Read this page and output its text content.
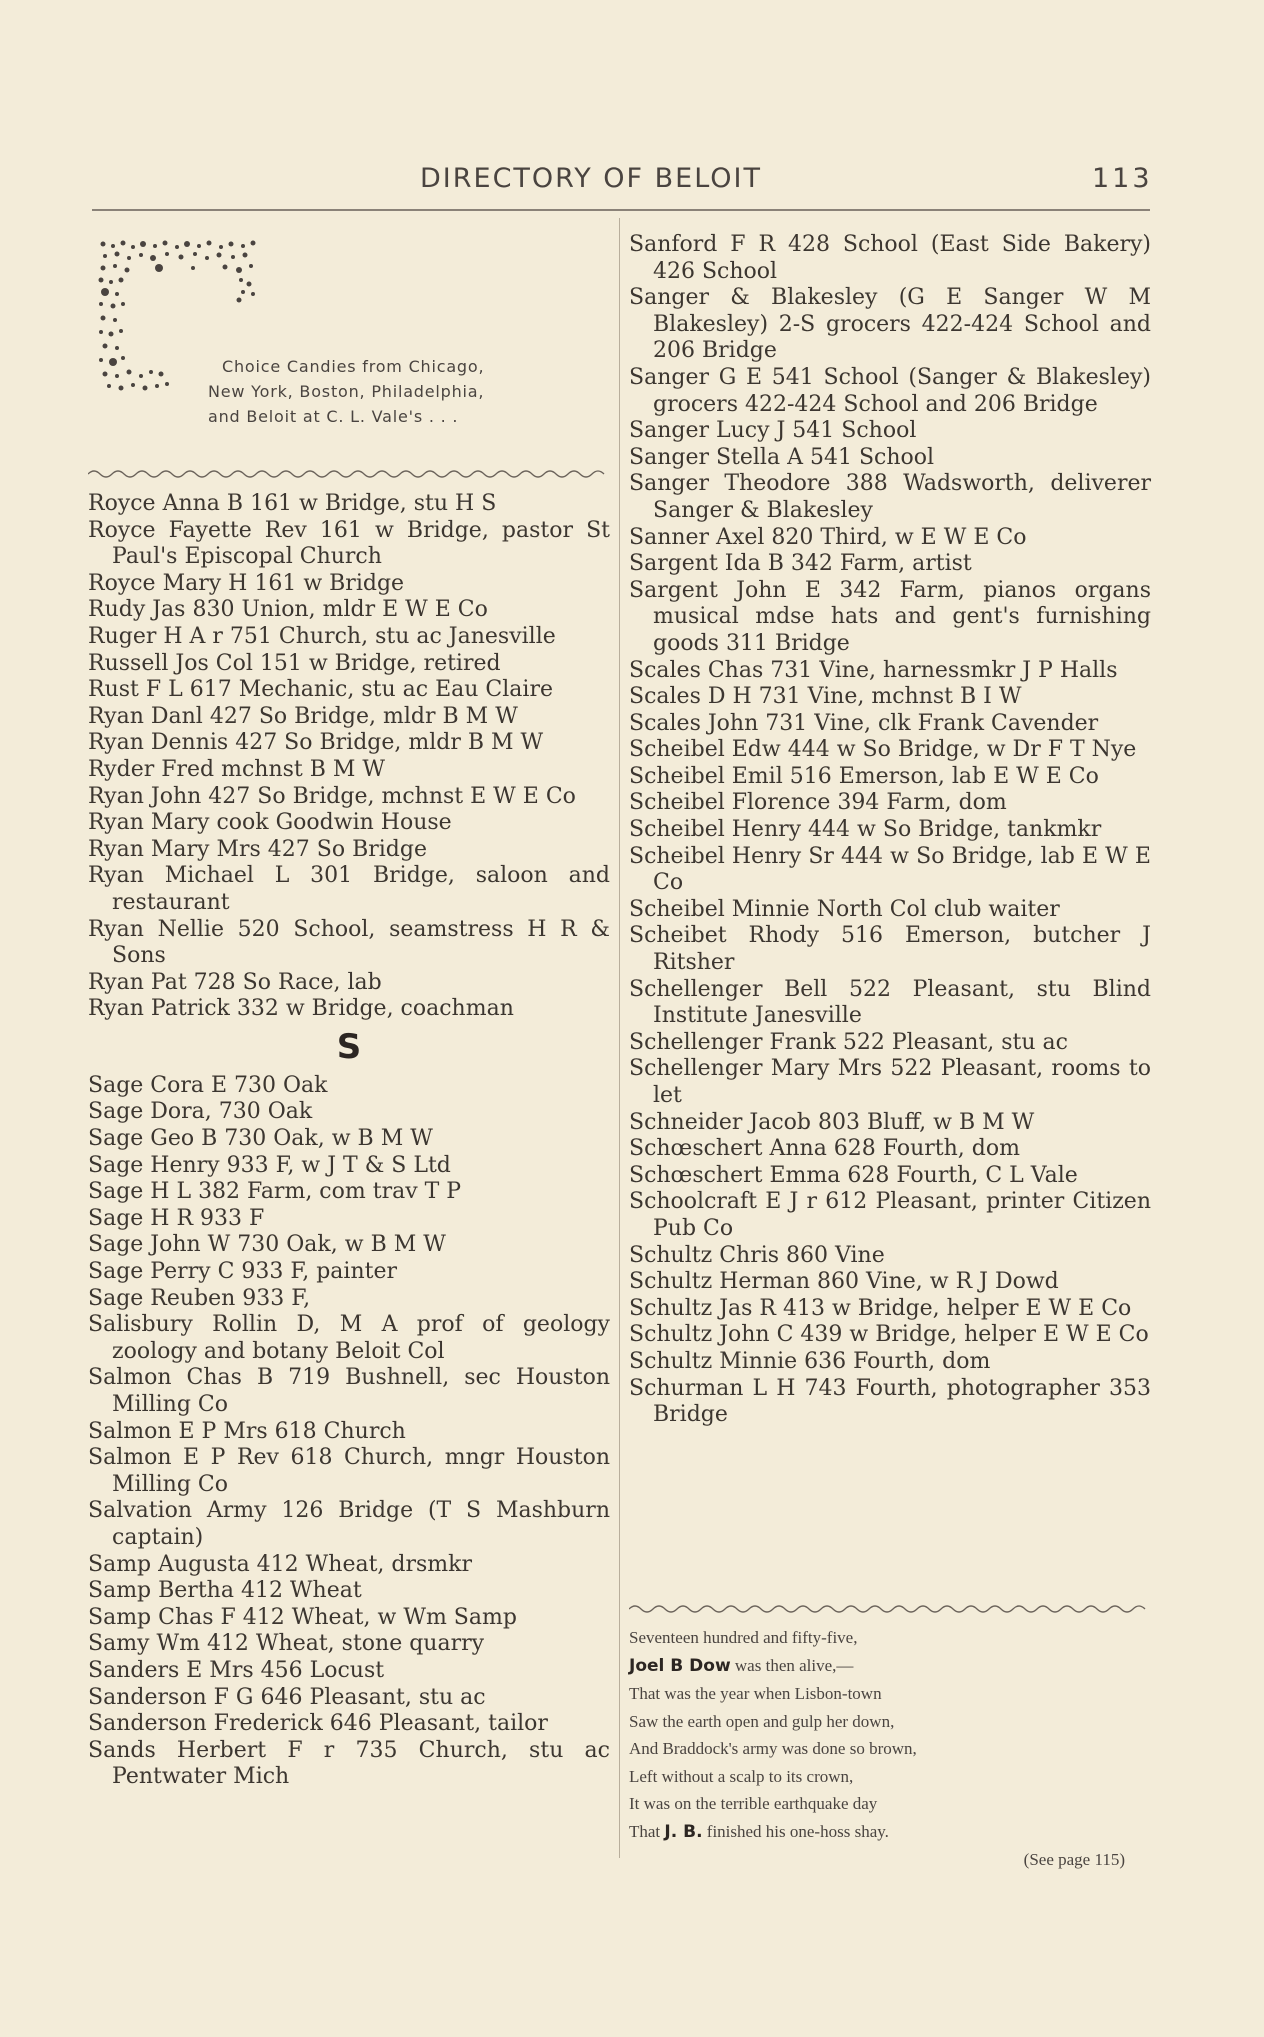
DIRECTORY OF BELOIT	113
Choice Candies from Chicago,
New York, Boston, Philadelphia,
and Beloit at C. L. Vale's . . .
Royce Anna B 161 w Bridge, stu H S
Royce Fayette Rev 161 w Bridge, pastor St Paul's Episcopal Church
Royce Mary H 161 w Bridge
Rudy Jas 830 Union, mldr E W E Co
Ruger H A r 751 Church, stu ac Janesville
Russell Jos Col 151 w Bridge, retired
Rust F L 617 Mechanic, stu ac Eau Claire
Ryan Danl 427 So Bridge, mldr B M W
Ryan Dennis 427 So Bridge, mldr B M W
Ryder Fred mchnst B M W
Ryan John 427 So Bridge, mchnst E W E Co
Ryan Mary cook Goodwin House
Ryan Mary Mrs 427 So Bridge
Ryan Michael L 301 Bridge, saloon and restaurant
Ryan Nellie 520 School, seamstress H R & Sons
Ryan Pat 728 So Race, lab
Ryan Patrick 332 w Bridge, coachman
S
Sage Cora E 730 Oak
Sage Dora, 730 Oak
Sage Geo B 730 Oak, w B M W
Sage Henry 933 F, w J T & S Ltd
Sage H L 382 Farm, com trav T P
Sage H R 933 F
Sage John W 730 Oak, w B M W
Sage Perry C 933 F, painter
Sage Reuben 933 F,
Salisbury Rollin D, M A prof of geology zoology and botany Beloit Col
Salmon Chas B 719 Bushnell, sec Houston Milling Co
Salmon E P Mrs 618 Church
Salmon E P Rev 618 Church, mngr Houston Milling Co
Salvation Army 126 Bridge (T S Mashburn captain)
Samp Augusta 412 Wheat, drsmkr
Samp Bertha 412 Wheat
Samp Chas F 412 Wheat, w Wm Samp
Samy Wm 412 Wheat, stone quarry
Sanders E Mrs 456 Locust
Sanderson F G 646 Pleasant, stu ac
Sanderson Frederick 646 Pleasant, tailor
Sands Herbert F r 735 Church, stu ac Pentwater Mich
Sanford F R 428 School (East Side Bakery) 426 School
Sanger & Blakesley (G E Sanger W M Blakesley) 2-S grocers 422-424 School and 206 Bridge
Sanger G E 541 School (Sanger & Blakesley) grocers 422-424 School and 206 Bridge
Sanger Lucy J 541 School
Sanger Stella A 541 School
Sanger Theodore 388 Wadsworth, deliverer Sanger & Blakesley
Sanner Axel 820 Third, w E W E Co
Sargent Ida B 342 Farm, artist
Sargent John E 342 Farm, pianos organs musical mdse hats and gent's furnishing goods 311 Bridge
Scales Chas 731 Vine, harnessmkr J P Halls
Scales D H 731 Vine, mchnst B I W
Scales John 731 Vine, clk Frank Cavender
Scheibel Edw 444 w So Bridge, w Dr F T Nye
Scheibel Emil 516 Emerson, lab E W E Co
Scheibel Florence 394 Farm, dom
Scheibel Henry 444 w So Bridge, tankmkr
Scheibel Henry Sr 444 w So Bridge, lab E W E Co
Scheibel Minnie North Col club waiter
Scheibet Rhody 516 Emerson, butcher J Ritsher
Schellenger Bell 522 Pleasant, stu Blind Institute Janesville
Schellenger Frank 522 Pleasant, stu ac
Schellenger Mary Mrs 522 Pleasant, rooms to let
Schneider Jacob 803 Bluff, w B M W
Schœschert Anna 628 Fourth, dom
Schœschert Emma 628 Fourth, C L Vale
Schoolcraft E J r 612 Pleasant, printer Citizen Pub Co
Schultz Chris 860 Vine
Schultz Herman 860 Vine, w R J Dowd
Schultz Jas R 413 w Bridge, helper E W E Co
Schultz John C 439 w Bridge, helper E W E Co
Schultz Minnie 636 Fourth, dom
Schurman L H 743 Fourth, photographer 353 Bridge
Seventeen hundred and fifty-five,
Joel B Dow was then alive,—
That was the year when Lisbon-town
Saw the earth open and gulp her down,
And Braddock's army was done so brown,
Left without a scalp to its crown,
It was on the terrible earthquake day
That J. B. finished his one-hoss shay.
(See page 115)
